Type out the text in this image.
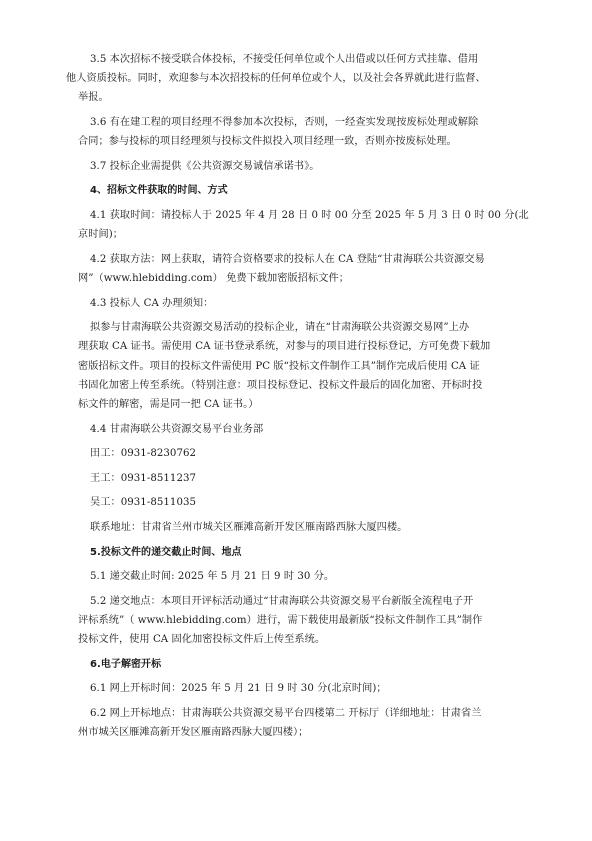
3.5 本次招标不接受联合体投标，不接受任何单位或个人出借或以任何方式挂靠、借用
他人资质投标。同时，欢迎参与本次招投标的任何单位或个人，以及社会各界就此进行监督、
举报。
3.6 有在建工程的项目经理不得参加本次投标，否则，一经查实发现按废标处理或解除
合同；参与投标的项目经理须与投标文件拟投入项目经理一致，否则亦按废标处理。
3.7 投标企业需提供《公共资源交易诚信承诺书》。
4、招标文件获取的时间、方式
4.1 获取时间：请投标人于 2025 年 4 月 28 日 0 时 00 分至 2025 年 5 月 3 日 0 时 00 分(北
京时间)；
4.2 获取方法：网上获取，请符合资格要求的投标人在 CA 登陆“甘肃海联公共资源交易
网”（www.hlebidding.com） 免费下载加密版招标文件；
4.3 投标人 CA 办理须知：
拟参与甘肃海联公共资源交易活动的投标企业，请在“甘肃海联公共资源交易网”上办
理获取 CA 证书。需使用 CA 证书登录系统，对参与的项目进行投标登记，方可免费下载加
密版招标文件。项目的投标文件需使用 PC 版“投标文件制作工具”制作完成后使用 CA 证
书固化加密上传至系统。（特别注意：项目投标登记、投标文件最后的固化加密、开标时投
标文件的解密，需是同一把 CA 证书。）
4.4 甘肃海联公共资源交易平台业务部
田工：0931-8230762
王工：0931-8511237
吴工：0931-8511035
联系地址：甘肃省兰州市城关区雁滩高新开发区雁南路西脉大厦四楼。
5.投标文件的递交截止时间、地点
5.1 递交截止时间: 2025 年 5 月 21 日 9 时 30 分。
5.2 递交地点：本项目开评标活动通过“甘肃海联公共资源交易平台新版全流程电子开
评标系统”（ www.hlebidding.com）进行，需下载使用最新版“投标文件制作工具”制作
投标文件，使用 CA 固化加密投标文件后上传至系统。
6.电子解密开标
6.1 网上开标时间：2025 年 5 月 21 日 9 时 30 分(北京时间)；
6.2 网上开标地点：甘肃海联公共资源交易平台四楼第二 开标厅（详细地址：甘肃省兰
州市城关区雁滩高新开发区雁南路西脉大厦四楼）；
